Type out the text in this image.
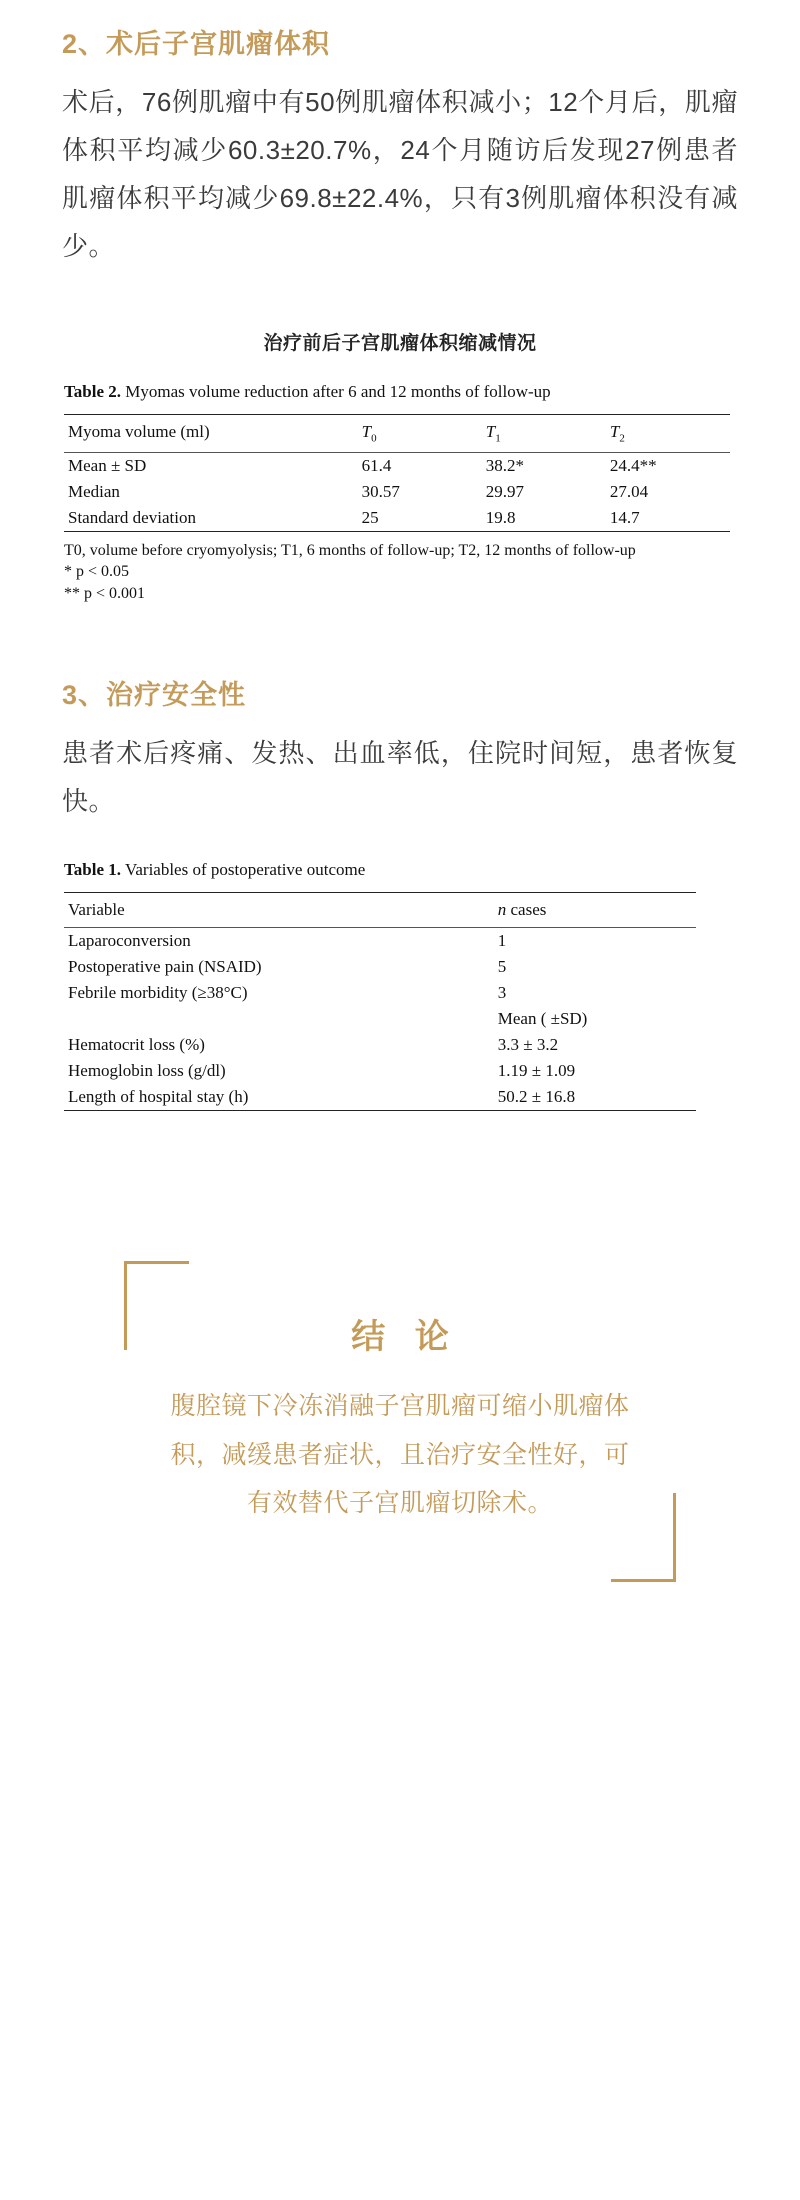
2、术后子宫肌瘤体积

术后，76例肌瘤中有50例肌瘤体积减小；12个月后，肌瘤体积平均减少60.3±20.7%，24个月随访后发现27例患者肌瘤体积平均减少69.8±22.4%，只有3例肌瘤体积没有减少。

治疗前后子宫肌瘤体积缩减情况
Table 2. Myomas volume reduction after 6 and 12 months of follow-up
Myoma volume (ml)	$T_0$	$T_1$	$T_2$
Mean ± SD	61.4	38.2*	24.4**
Median	30.57	29.97	27.04
Standard deviation	25	19.8	14.7
T0, volume before cryomyolysis; T1, 6 months of follow-up; T2, 12 months of follow-up
* p < 0.05
** p < 0.001
3、治疗安全性

患者术后疼痛、发热、出血率低，住院时间短，患者恢复快。

Table 1. Variables of postoperative outcome
Variable	n cases
Laparoconversion	1
Postoperative pain (NSAID)	5
Febrile morbidity (≥38°C)	3
	Mean ( ±SD)
Hematocrit loss (%)	3.3 ± 3.2
Hemoglobin loss (g/dl)	1.19 ± 1.09
Length of hospital stay (h)	50.2 ± 16.8
结 论

腹腔镜下冷冻消融子宫肌瘤可缩小肌瘤体积，减缓患者症状，且治疗安全性好，可有效替代子宫肌瘤切除术。
